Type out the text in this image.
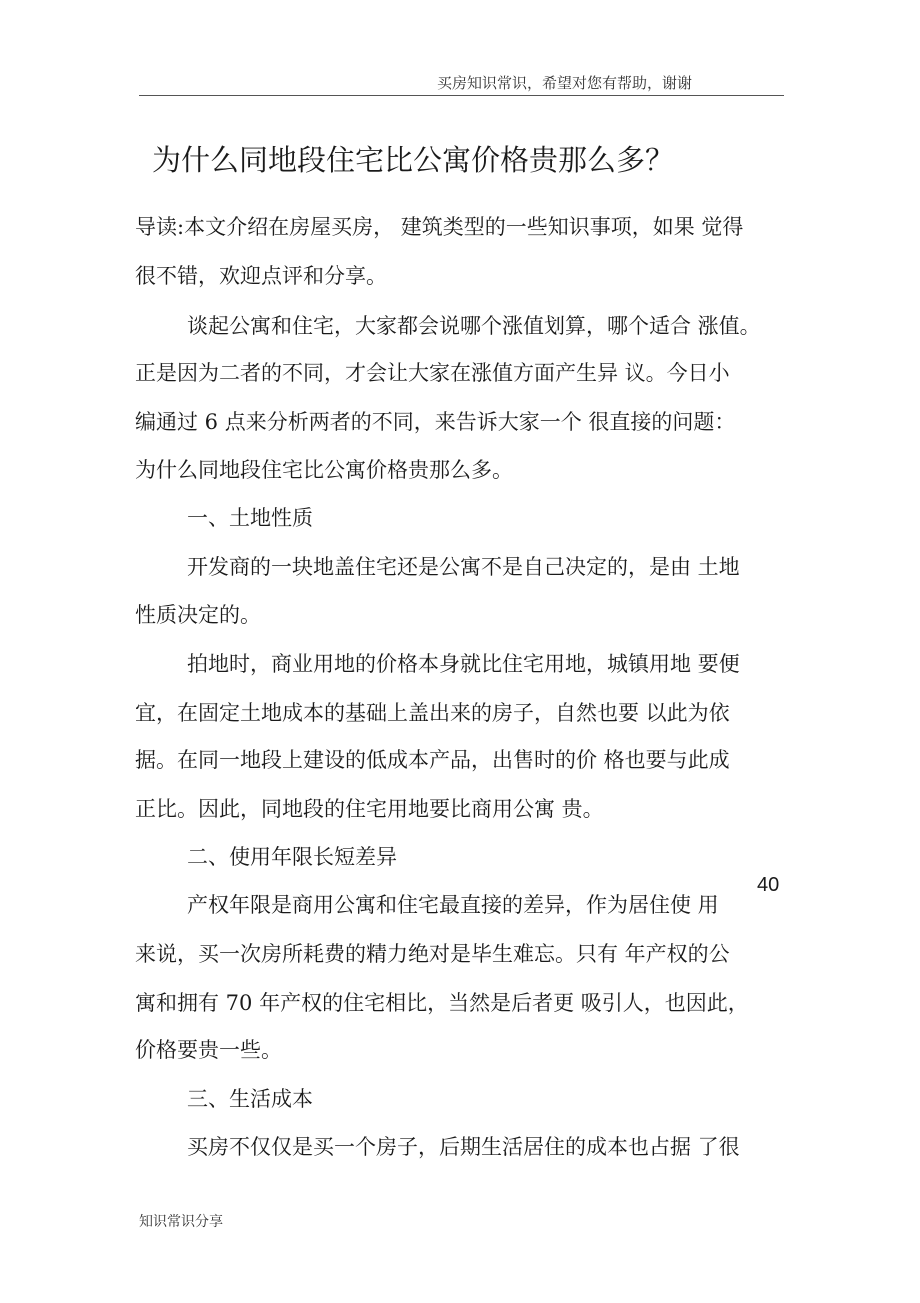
买房知识常识，希望对您有帮助，谢谢
为什么同地段住宅比公寓价格贵那么多？
导读:本文介绍在房屋买房， 建筑类型的一些知识事项，如果 觉得
很不错，欢迎点评和分享。
谈起公寓和住宅，大家都会说哪个涨值划算，哪个适合 涨值。
正是因为二者的不同，才会让大家在涨值方面产生异 议。今日小
编通过 6 点来分析两者的不同，来告诉大家一个 很直接的问题：
为什么同地段住宅比公寓价格贵那么多。
一、土地性质
开发商的一块地盖住宅还是公寓不是自己决定的，是由 土地
性质决定的。
拍地时，商业用地的价格本身就比住宅用地，城镇用地 要便
宜，在固定土地成本的基础上盖出来的房子，自然也要 以此为依
据。在同一地段上建设的低成本产品，出售时的价 格也要与此成
正比。因此，同地段的住宅用地要比商用公寓 贵。
二、使用年限长短差异
产权年限是商用公寓和住宅最直接的差异，作为居住使 用
来说，买一次房所耗费的精力绝对是毕生难忘。只有 年产权的公
寓和拥有 70 年产权的住宅相比，当然是后者更 吸引人，也因此，
价格要贵一些。
三、生活成本
买房不仅仅是买一个房子，后期生活居住的成本也占据 了很
40
知识常识分享
